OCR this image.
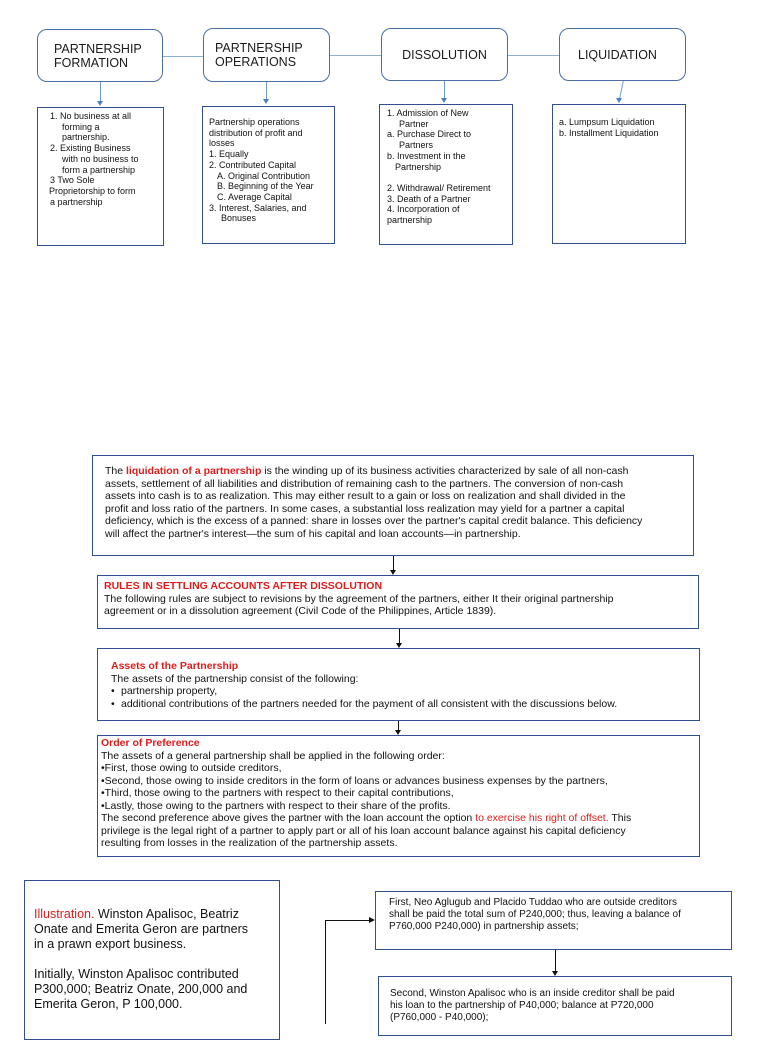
PARTNERSHIP
FORMATION
PARTNERSHIP
OPERATIONS
DISSOLUTION	LIQUIDATION
1. No business at all
forming a
partnership.
2. Existing Business
with no business to
form a partnership
3 Two Sole
Proprietorship to form
a partnership
Partnership operations
distribution of profit and
losses
1. Equally
2. Contributed Capital
A. Original Contribution
B. Beginning of the Year
C. Average Capital
3. Interest, Salaries, and
Bonuses
1. Admission of New
Partner
a. Purchase Direct to
Partners
b. Investment in the
Partnership
2. Withdrawal/ Retirement
3. Death of a Partner
4. Incorporation of
partnership
a. Lumpsum Liquidation
b. Installment Liquidation
The liquidation of a partnership is the winding up of its business activities characterized by sale of all non-cash
assets, settlement of all liabilities and distribution of remaining cash to the partners. The conversion of non-cash
assets into cash is to as realization. This may either result to a gain or loss on realization and shall divided in the
profit and loss ratio of the partners. In some cases, a substantial loss realization may yield for a partner a capital
deficiency, which is the excess of a panned: share in losses over the partner's capital credit balance. This deficiency
will affect the partner's interest—the sum of his capital and loan accounts—in partnership.
RULES IN SETTLING ACCOUNTS AFTER DISSOLUTION
The following rules are subject to revisions by the agreement of the partners, either It their original partnership
agreement or in a dissolution agreement (Civil Code of the Philippines, Article 1839).
Assets of the Partnership
The assets of the partnership consist of the following:
• partnership property,
• additional contributions of the partners needed for the payment of all consistent with the discussions below.
Order of Preference
The assets of a general partnership shall be applied in the following order:
•First, those owing to outside creditors,
•Second, those owing to inside creditors in the form of loans or advances business expenses by the partners,
•Third, those owing to the partners with respect to their capital contributions,
•Lastly, those owing to the partners with respect to their share of the profits.
The second preference above gives the partner with the loan account the option to exercise his right of offset. This
privilege is the legal right of a partner to apply part or all of his loan account balance against his capital deficiency
resulting from losses in the realization of the partnership assets.
Illustration. Winston Apalisoc, Beatriz
Onate and Emerita Geron are partners
in a prawn export business.
Initially, Winston Apalisoc contributed
P300,000; Beatriz Onate, 200,000 and
Emerita Geron, P 100,000.
First, Neo Aglugub and Placido Tuddao who are outside creditors
shall be paid the total sum of P240,000; thus, leaving a balance of
P760,000 P240,000) in partnership assets;
Second, Winston Apalisoc who is an inside creditor shall be paid
his loan to the partnership of P40,000; balance at P720,000
(P760,000 - P40,000);
